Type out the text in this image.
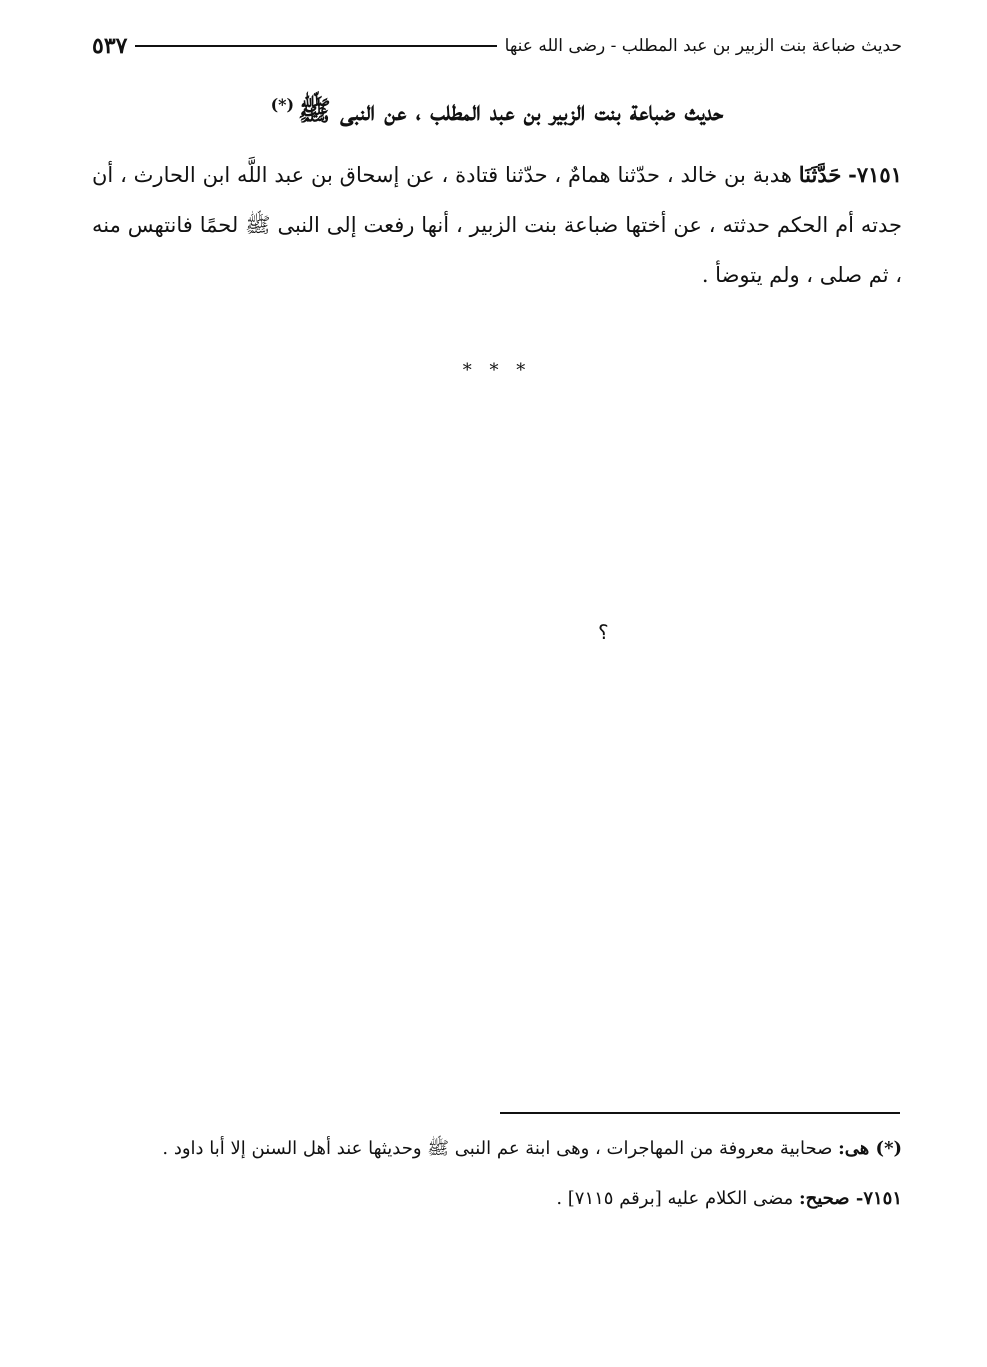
حديث ضباعة بنت الزبير بن عبد المطلب - رضى الله عنها
٥٣٧
حديث ضباعة بنت الزبير بن عبد المطلب ، عن النبى ﷺ(*)

٧١٥١- حَدَّثَنَا هدبة بن خالد ، حدّثنا همامٌ ، حدّثنا قتادة ، عن إسحاق بن عبد اللَّه ابن الحارث ، أن جدته أم الحكم حدثته ، عن أختها ضباعة بنت الزبير ، أنها رفعت إلى النبى ﷺ لحمًا فانتهس منه ، ثم صلى ، ولم يتوضأ .

* * *
؟

(*) هى: صحابية معروفة من المهاجرات ، وهى ابنة عم النبى ﷺ وحديثها عند أهل السنن إلا أبا داود .

٧١٥١- صحيح: مضى الكلام عليه [برقم ٧١١٥] .
